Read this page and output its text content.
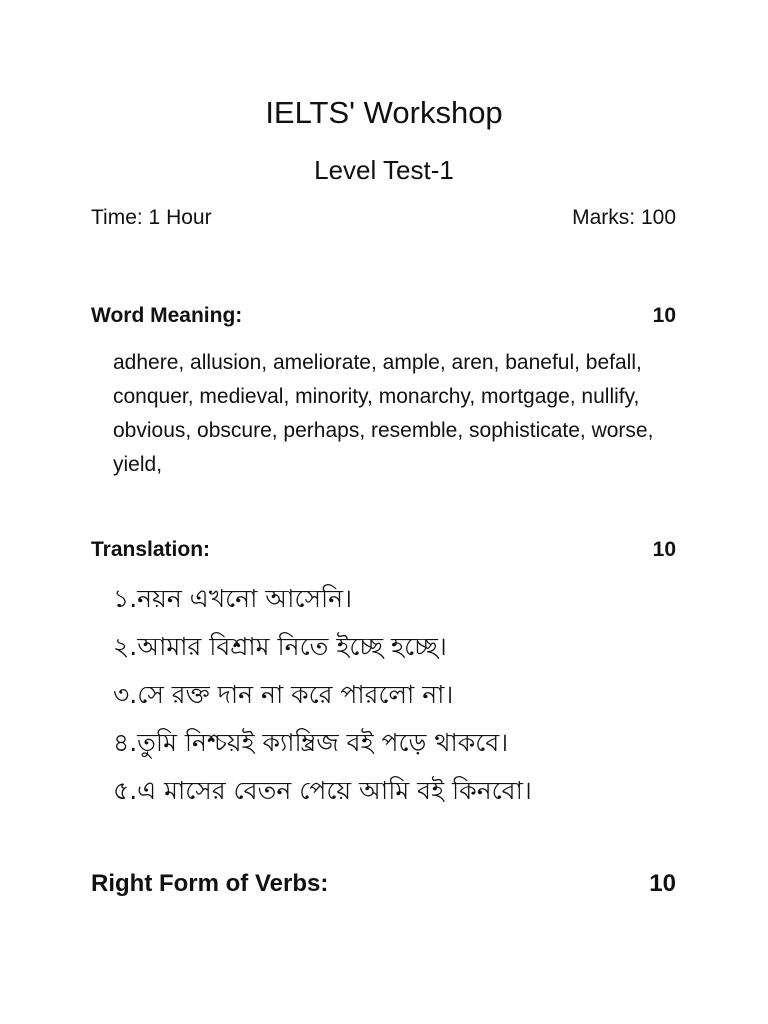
IELTS' Workshop
Level Test-1
Time: 1 Hour	Marks: 100
Word Meaning:	10

adhere, allusion, ameliorate, ample, aren, baneful, befall, conquer, medieval, minority, monarchy, mortgage, nullify, obvious, obscure, perhaps, resemble, sophisticate, worse, yield,

Translation:	10
১.নয়ন এখনো আসেনি।
২.আমার বিশ্রাম নিতে ইচ্ছে হচ্ছে।
৩.সে রক্ত দান না করে পারলো না।
৪.তুমি নিশ্চয়ই ক্যাম্ব্রিজ বই পড়ে থাকবে।
৫.এ মাসের বেতন পেয়ে আমি বই কিনবো।
Right Form of Verbs:	10
